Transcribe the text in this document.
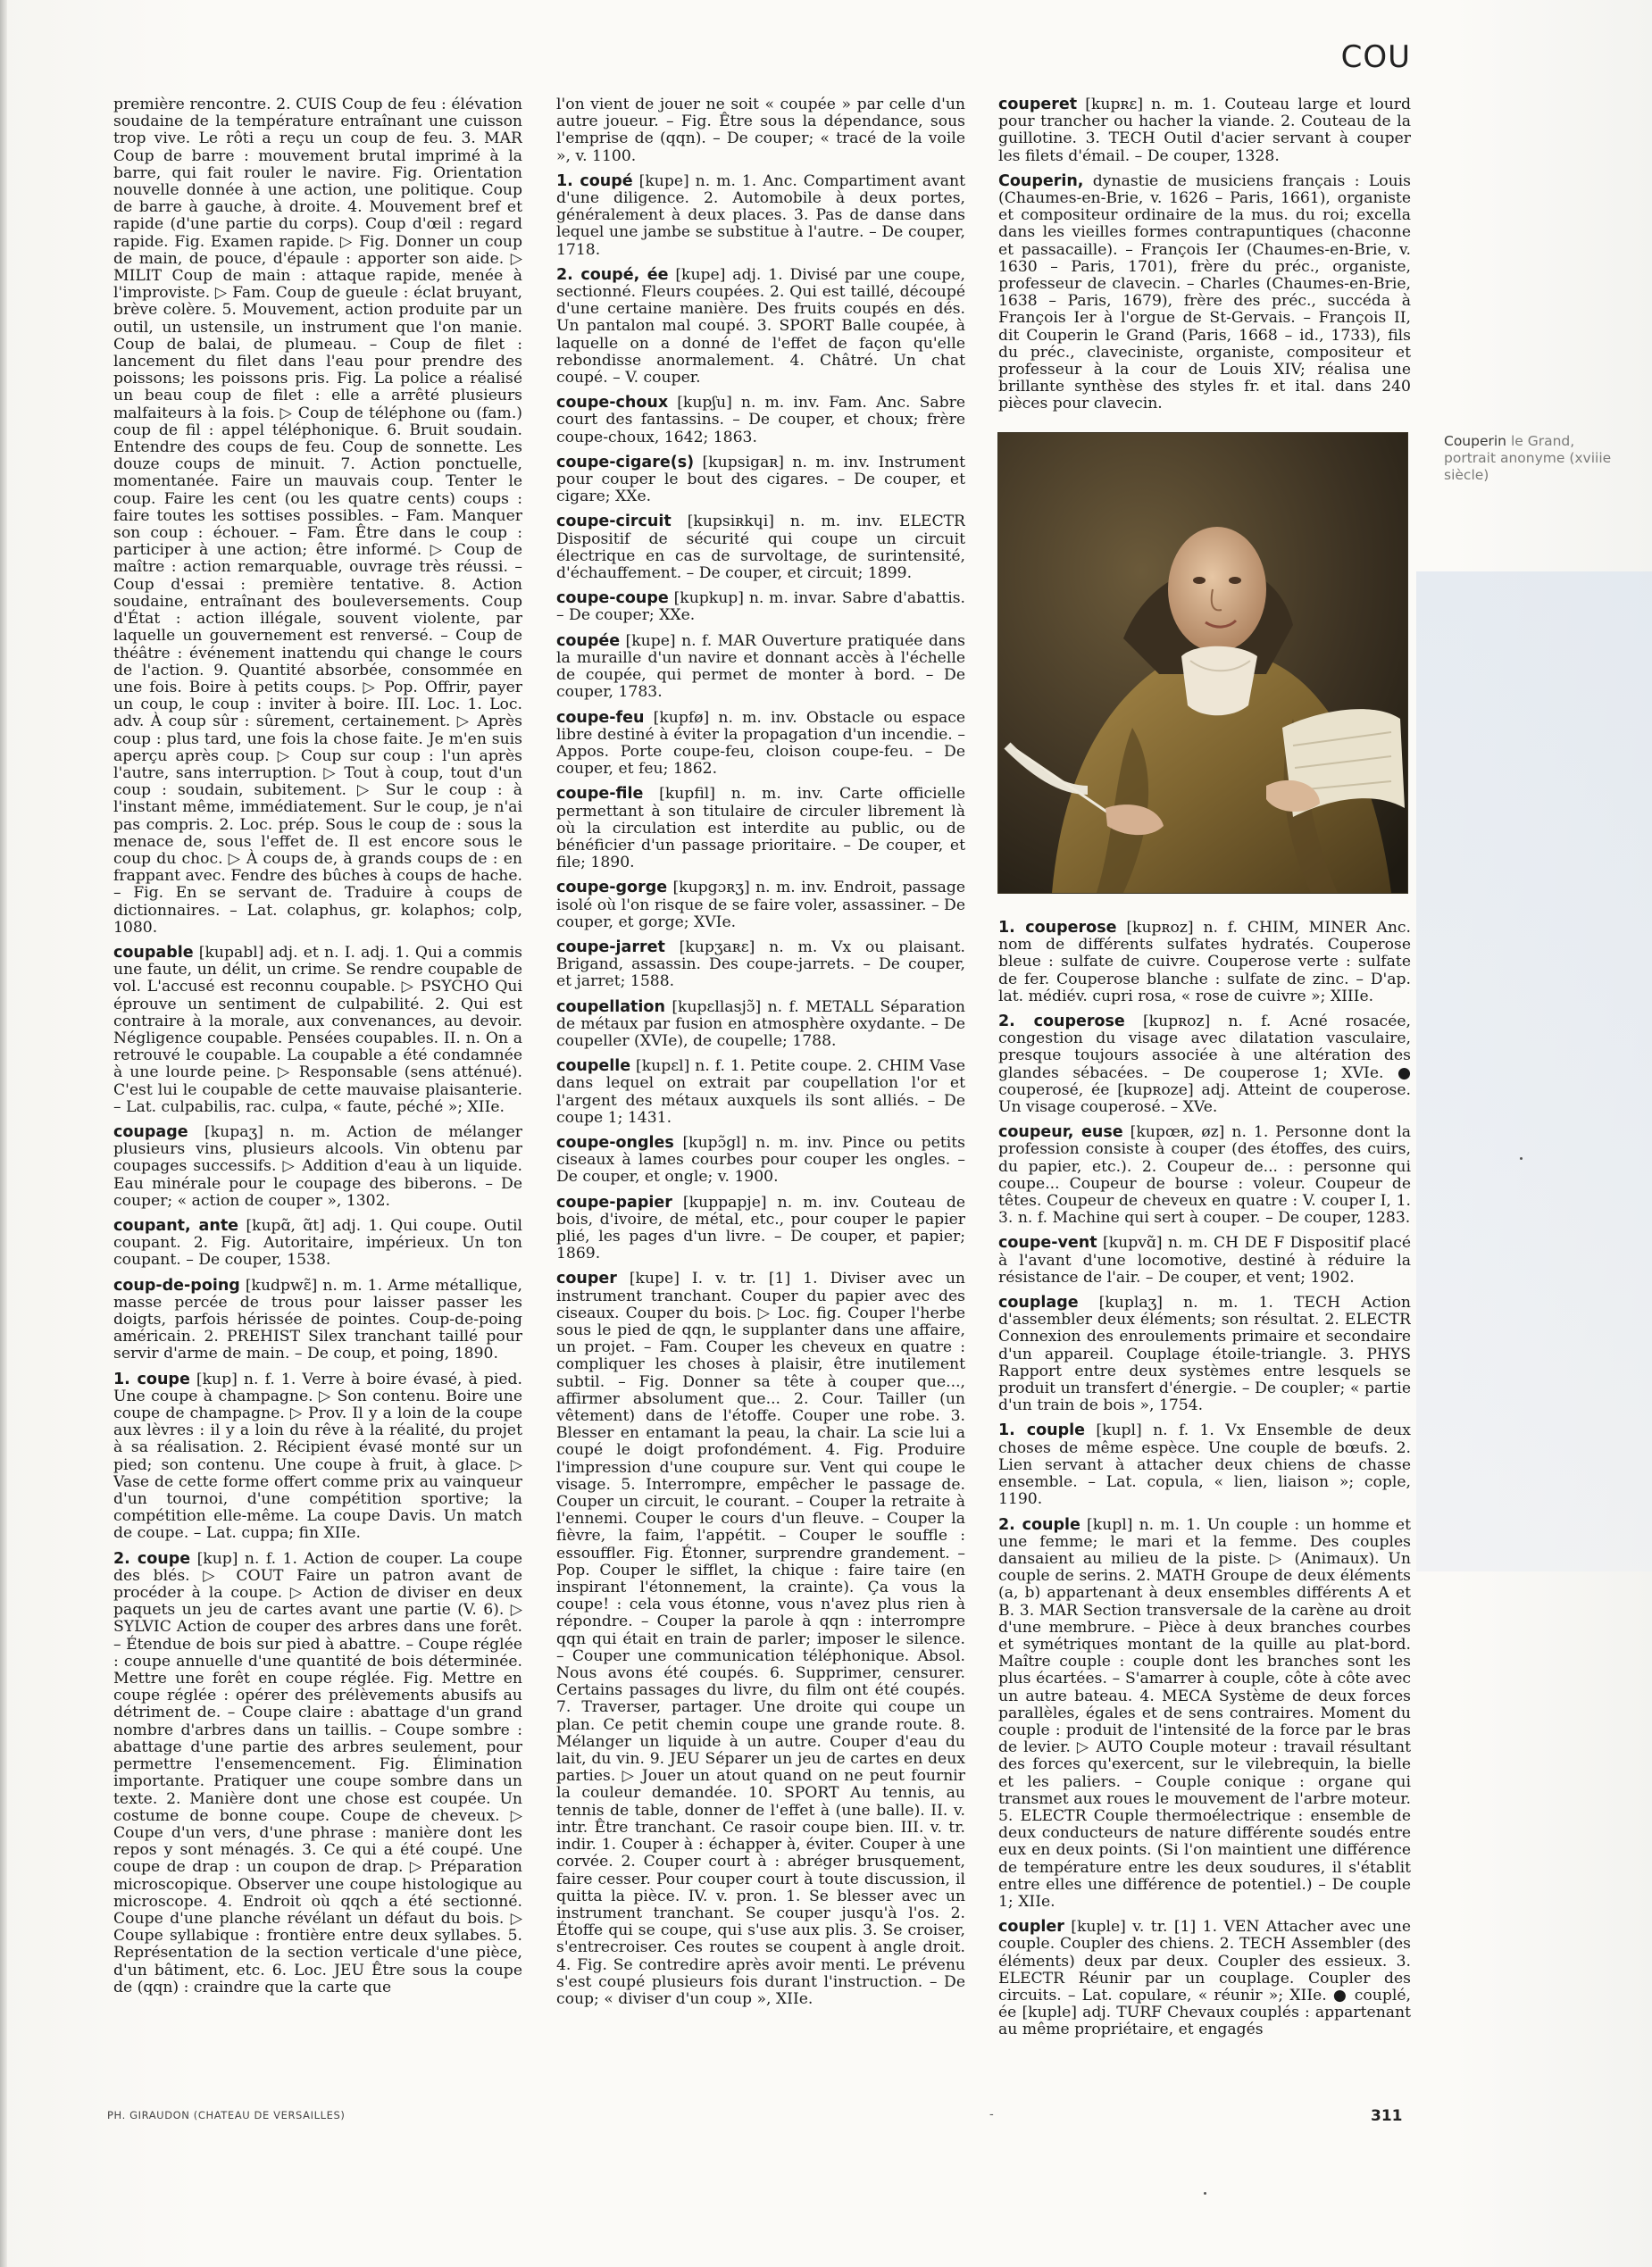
COU

première rencontre. 2. CUIS Coup de feu : élévation soudaine de la température entraînant une cuisson trop vive. Le rôti a reçu un coup de feu. 3. MAR Coup de barre : mouvement brutal imprimé à la barre, qui fait rouler le navire. Fig. Orientation nouvelle donnée à une action, une politique. Coup de barre à gauche, à droite. 4. Mouvement bref et rapide (d'une partie du corps). Coup d'œil : regard rapide. Fig. Examen rapide. ▷ Fig. Donner un coup de main, de pouce, d'épaule : apporter son aide. ▷ MILIT Coup de main : attaque rapide, menée à l'improviste. ▷ Fam. Coup de gueule : éclat bruyant, brève colère. 5. Mouvement, action produite par un outil, un ustensile, un instrument que l'on manie. Coup de balai, de plumeau. – Coup de filet : lancement du filet dans l'eau pour prendre des poissons; les poissons pris. Fig. La police a réalisé un beau coup de filet : elle a arrêté plusieurs malfaiteurs à la fois. ▷ Coup de téléphone ou (fam.) coup de fil : appel téléphonique. 6. Bruit soudain. Entendre des coups de feu. Coup de sonnette. Les douze coups de minuit. 7. Action ponctuelle, momentanée. Faire un mauvais coup. Tenter le coup. Faire les cent (ou les quatre cents) coups : faire toutes les sottises possibles. – Fam. Manquer son coup : échouer. – Fam. Être dans le coup : participer à une action; être informé. ▷ Coup de maître : action remarquable, ouvrage très réussi. – Coup d'essai : première tentative. 8. Action soudaine, entraînant des bouleversements. Coup d'État : action illégale, souvent violente, par laquelle un gouvernement est renversé. – Coup de théâtre : événement inattendu qui change le cours de l'action. 9. Quantité absorbée, consommée en une fois. Boire à petits coups. ▷ Pop. Offrir, payer un coup, le coup : inviter à boire. III. Loc. 1. Loc. adv. À coup sûr : sûrement, certainement. ▷ Après coup : plus tard, une fois la chose faite. Je m'en suis aperçu après coup. ▷ Coup sur coup : l'un après l'autre, sans interruption. ▷ Tout à coup, tout d'un coup : soudain, subitement. ▷ Sur le coup : à l'instant même, immédiatement. Sur le coup, je n'ai pas compris. 2. Loc. prép. Sous le coup de : sous la menace de, sous l'effet de. Il est encore sous le coup du choc. ▷ À coups de, à grands coups de : en frappant avec. Fendre des bûches à coups de hache. – Fig. En se servant de. Traduire à coups de dictionnaires. – Lat. colaphus, gr. kolaphos; colp, 1080.

coupable [kupabl] adj. et n. I. adj. 1. Qui a commis une faute, un délit, un crime. Se rendre coupable de vol. L'accusé est reconnu coupable. ▷ PSYCHO Qui éprouve un sentiment de culpabilité. 2. Qui est contraire à la morale, aux convenances, au devoir. Négligence coupable. Pensées coupables. II. n. On a retrouvé le coupable. La coupable a été condamnée à une lourde peine. ▷ Responsable (sens atténué). C'est lui le coupable de cette mauvaise plaisanterie. – Lat. culpabilis, rac. culpa, « faute, péché »; XIIe.

coupage [kupaʒ] n. m. Action de mélanger plusieurs vins, plusieurs alcools. Vin obtenu par coupages successifs. ▷ Addition d'eau à un liquide. Eau minérale pour le coupage des biberons. – De couper; « action de couper », 1302.

coupant, ante [kupɑ̃, ɑ̃t] adj. 1. Qui coupe. Outil coupant. 2. Fig. Autoritaire, impérieux. Un ton coupant. – De couper, 1538.

coup-de-poing [kudpwɛ̃] n. m. 1. Arme métallique, masse percée de trous pour laisser passer les doigts, parfois hérissée de pointes. Coup-de-poing américain. 2. PREHIST Silex tranchant taillé pour servir d'arme de main. – De coup, et poing, 1890.

1. coupe [kup] n. f. 1. Verre à boire évasé, à pied. Une coupe à champagne. ▷ Son contenu. Boire une coupe de champagne. ▷ Prov. Il y a loin de la coupe aux lèvres : il y a loin du rêve à la réalité, du projet à sa réalisation. 2. Récipient évasé monté sur un pied; son contenu. Une coupe à fruit, à glace. ▷ Vase de cette forme offert comme prix au vainqueur d'un tournoi, d'une compétition sportive; la compétition elle-même. La coupe Davis. Un match de coupe. – Lat. cuppa; fin XIIe.

2. coupe [kup] n. f. 1. Action de couper. La coupe des blés. ▷ COUT Faire un patron avant de procéder à la coupe. ▷ Action de diviser en deux paquets un jeu de cartes avant une partie (V. 6). ▷ SYLVIC Action de couper des arbres dans une forêt. – Étendue de bois sur pied à abattre. – Coupe réglée : coupe annuelle d'une quantité de bois déterminée. Mettre une forêt en coupe réglée. Fig. Mettre en coupe réglée : opérer des prélèvements abusifs au détriment de. – Coupe claire : abattage d'un grand nombre d'arbres dans un taillis. – Coupe sombre : abattage d'une partie des arbres seulement, pour permettre l'ensemencement. Fig. Élimination importante. Pratiquer une coupe sombre dans un texte. 2. Manière dont une chose est coupée. Un costume de bonne coupe. Coupe de cheveux. ▷ Coupe d'un vers, d'une phrase : manière dont les repos y sont ménagés. 3. Ce qui a été coupé. Une coupe de drap : un coupon de drap. ▷ Préparation microscopique. Observer une coupe histologique au microscope. 4. Endroit où qqch a été sectionné. Coupe d'une planche révélant un défaut du bois. ▷ Coupe syllabique : frontière entre deux syllabes. 5. Représentation de la section verticale d'une pièce, d'un bâtiment, etc. 6. Loc. JEU Être sous la coupe de (qqn) : craindre que la carte que

l'on vient de jouer ne soit « coupée » par celle d'un autre joueur. – Fig. Être sous la dépendance, sous l'emprise de (qqn). – De couper; « tracé de la voile », v. 1100.

1. coupé [kupe] n. m. 1. Anc. Compartiment avant d'une diligence. 2. Automobile à deux portes, généralement à deux places. 3. Pas de danse dans lequel une jambe se substitue à l'autre. – De couper, 1718.

2. coupé, ée [kupe] adj. 1. Divisé par une coupe, sectionné. Fleurs coupées. 2. Qui est taillé, découpé d'une certaine manière. Des fruits coupés en dés. Un pantalon mal coupé. 3. SPORT Balle coupée, à laquelle on a donné de l'effet de façon qu'elle rebondisse anormalement. 4. Châtré. Un chat coupé. – V. couper.

coupe-choux [kupʃu] n. m. inv. Fam. Anc. Sabre court des fantassins. – De couper, et choux; frère coupe-choux, 1642; 1863.

coupe-cigare(s) [kupsigaʀ] n. m. inv. Instrument pour couper le bout des cigares. – De couper, et cigare; XXe.

coupe-circuit [kupsiʀkɥi] n. m. inv. ELECTR Dispositif de sécurité qui coupe un circuit électrique en cas de survoltage, de surintensité, d'échauffement. – De couper, et circuit; 1899.

coupe-coupe [kupkup] n. m. invar. Sabre d'abattis. – De couper; XXe.

coupée [kupe] n. f. MAR Ouverture pratiquée dans la muraille d'un navire et donnant accès à l'échelle de coupée, qui permet de monter à bord. – De couper, 1783.

coupe-feu [kupfø] n. m. inv. Obstacle ou espace libre destiné à éviter la propagation d'un incendie. – Appos. Porte coupe-feu, cloison coupe-feu. – De couper, et feu; 1862.

coupe-file [kupfil] n. m. inv. Carte officielle permettant à son titulaire de circuler librement là où la circulation est interdite au public, ou de bénéficier d'un passage prioritaire. – De couper, et file; 1890.

coupe-gorge [kupgɔʀʒ] n. m. inv. Endroit, passage isolé où l'on risque de se faire voler, assassiner. – De couper, et gorge; XVIe.

coupe-jarret [kupʒaʀɛ] n. m. Vx ou plaisant. Brigand, assassin. Des coupe-jarrets. – De couper, et jarret; 1588.

coupellation [kupɛllasjɔ̃] n. f. METALL Séparation de métaux par fusion en atmosphère oxydante. – De coupeller (XVIe), de coupelle; 1788.

coupelle [kupɛl] n. f. 1. Petite coupe. 2. CHIM Vase dans lequel on extrait par coupellation l'or et l'argent des métaux auxquels ils sont alliés. – De coupe 1; 1431.

coupe-ongles [kupɔ̃gl] n. m. inv. Pince ou petits ciseaux à lames courbes pour couper les ongles. – De couper, et ongle; v. 1900.

coupe-papier [kuppapje] n. m. inv. Couteau de bois, d'ivoire, de métal, etc., pour couper le papier plié, les pages d'un livre. – De couper, et papier; 1869.

couper [kupe] I. v. tr. [1] 1. Diviser avec un instrument tranchant. Couper du papier avec des ciseaux. Couper du bois. ▷ Loc. fig. Couper l'herbe sous le pied de qqn, le supplanter dans une affaire, un projet. – Fam. Couper les cheveux en quatre : compliquer les choses à plaisir, être inutilement subtil. – Fig. Donner sa tête à couper que..., affirmer absolument que... 2. Cour. Tailler (un vêtement) dans de l'étoffe. Couper une robe. 3. Blesser en entamant la peau, la chair. La scie lui a coupé le doigt profondément. 4. Fig. Produire l'impression d'une coupure sur. Vent qui coupe le visage. 5. Interrompre, empêcher le passage de. Couper un circuit, le courant. – Couper la retraite à l'ennemi. Couper le cours d'un fleuve. – Couper la fièvre, la faim, l'appétit. – Couper le souffle : essouffler. Fig. Étonner, surprendre grandement. – Pop. Couper le sifflet, la chique : faire taire (en inspirant l'étonnement, la crainte). Ça vous la coupe! : cela vous étonne, vous n'avez plus rien à répondre. – Couper la parole à qqn : interrompre qqn qui était en train de parler; imposer le silence. – Couper une communication téléphonique. Absol. Nous avons été coupés. 6. Supprimer, censurer. Certains passages du livre, du film ont été coupés. 7. Traverser, partager. Une droite qui coupe un plan. Ce petit chemin coupe une grande route. 8. Mélanger un liquide à un autre. Couper d'eau du lait, du vin. 9. JEU Séparer un jeu de cartes en deux parties. ▷ Jouer un atout quand on ne peut fournir la couleur demandée. 10. SPORT Au tennis, au tennis de table, donner de l'effet à (une balle). II. v. intr. Être tranchant. Ce rasoir coupe bien. III. v. tr. indir. 1. Couper à : échapper à, éviter. Couper à une corvée. 2. Couper court à : abréger brusquement, faire cesser. Pour couper court à toute discussion, il quitta la pièce. IV. v. pron. 1. Se blesser avec un instrument tranchant. Se couper jusqu'à l'os. 2. Étoffe qui se coupe, qui s'use aux plis. 3. Se croiser, s'entrecroiser. Ces routes se coupent à angle droit. 4. Fig. Se contredire après avoir menti. Le prévenu s'est coupé plusieurs fois durant l'instruction. – De coup; « diviser d'un coup », XIIe.

couperet [kupʀɛ] n. m. 1. Couteau large et lourd pour trancher ou hacher la viande. 2. Couteau de la guillotine. 3. TECH Outil d'acier servant à couper les filets d'émail. – De couper, 1328.

Couperin, dynastie de musiciens français : Louis (Chaumes-en-Brie, v. 1626 – Paris, 1661), organiste et compositeur ordinaire de la mus. du roi; excella dans les vieilles formes contrapuntiques (chaconne et passacaille). – François Ier (Chaumes-en-Brie, v. 1630 – Paris, 1701), frère du préc., organiste, professeur de clavecin. – Charles (Chaumes-en-Brie, 1638 – Paris, 1679), frère des préc., succéda à François Ier à l'orgue de St-Gervais. – François II, dit Couperin le Grand (Paris, 1668 – id., 1733), fils du préc., claveciniste, organiste, compositeur et professeur à la cour de Louis XIV; réalisa une brillante synthèse des styles fr. et ital. dans 240 pièces pour clavecin.

Couperin le Grand, portrait anonyme (xviiie siècle)

1. couperose [kupʀoz] n. f. CHIM, MINER Anc. nom de différents sulfates hydratés. Couperose bleue : sulfate de cuivre. Couperose verte : sulfate de fer. Couperose blanche : sulfate de zinc. – D'ap. lat. médiév. cupri rosa, « rose de cuivre »; XIIIe.

2. couperose [kupʀoz] n. f. Acné rosacée, congestion du visage avec dilatation vasculaire, presque toujours associée à une altération des glandes sébacées. – De couperose 1; XVIe. ● couperosé, ée [kupʀoze] adj. Atteint de couperose. Un visage couperosé. – XVe.

coupeur, euse [kupœʀ, øz] n. 1. Personne dont la profession consiste à couper (des étoffes, des cuirs, du papier, etc.). 2. Coupeur de... : personne qui coupe... Coupeur de bourse : voleur. Coupeur de têtes. Coupeur de cheveux en quatre : V. couper I, 1. 3. n. f. Machine qui sert à couper. – De couper, 1283.

coupe-vent [kupvɑ̃] n. m. CH DE F Dispositif placé à l'avant d'une locomotive, destiné à réduire la résistance de l'air. – De couper, et vent; 1902.

couplage [kuplaʒ] n. m. 1. TECH Action d'assembler deux éléments; son résultat. 2. ELECTR Connexion des enroulements primaire et secondaire d'un appareil. Couplage étoile-triangle. 3. PHYS Rapport entre deux systèmes entre lesquels se produit un transfert d'énergie. – De coupler; « partie d'un train de bois », 1754.

1. couple [kupl] n. f. 1. Vx Ensemble de deux choses de même espèce. Une couple de bœufs. 2. Lien servant à attacher deux chiens de chasse ensemble. – Lat. copula, « lien, liaison »; cople, 1190.

2. couple [kupl] n. m. 1. Un couple : un homme et une femme; le mari et la femme. Des couples dansaient au milieu de la piste. ▷ (Animaux). Un couple de serins. 2. MATH Groupe de deux éléments (a, b) appartenant à deux ensembles différents A et B. 3. MAR Section transversale de la carène au droit d'une membrure. – Pièce à deux branches courbes et symétriques montant de la quille au plat-bord. Maître couple : couple dont les branches sont les plus écartées. – S'amarrer à couple, côte à côte avec un autre bateau. 4. MECA Système de deux forces parallèles, égales et de sens contraires. Moment du couple : produit de l'intensité de la force par le bras de levier. ▷ AUTO Couple moteur : travail résultant des forces qu'exercent, sur le vilebrequin, la bielle et les paliers. – Couple conique : organe qui transmet aux roues le mouvement de l'arbre moteur. 5. ELECTR Couple thermoélectrique : ensemble de deux conducteurs de nature différente soudés entre eux en deux points. (Si l'on maintient une différence de température entre les deux soudures, il s'établit entre elles une différence de potentiel.) – De couple 1; XIIe.

coupler [kuple] v. tr. [1] 1. VEN Attacher avec une couple. Coupler des chiens. 2. TECH Assembler (des éléments) deux par deux. Coupler des essieux. 3. ELECTR Réunir par un couplage. Coupler des circuits. – Lat. copulare, « réunir »; XIIe. ● couplé, ée [kuple] adj. TURF Chevaux couplés : appartenant au même propriétaire, et engagés

PH. GIRAUDON (CHATEAU DE VERSAILLES)	-	311
